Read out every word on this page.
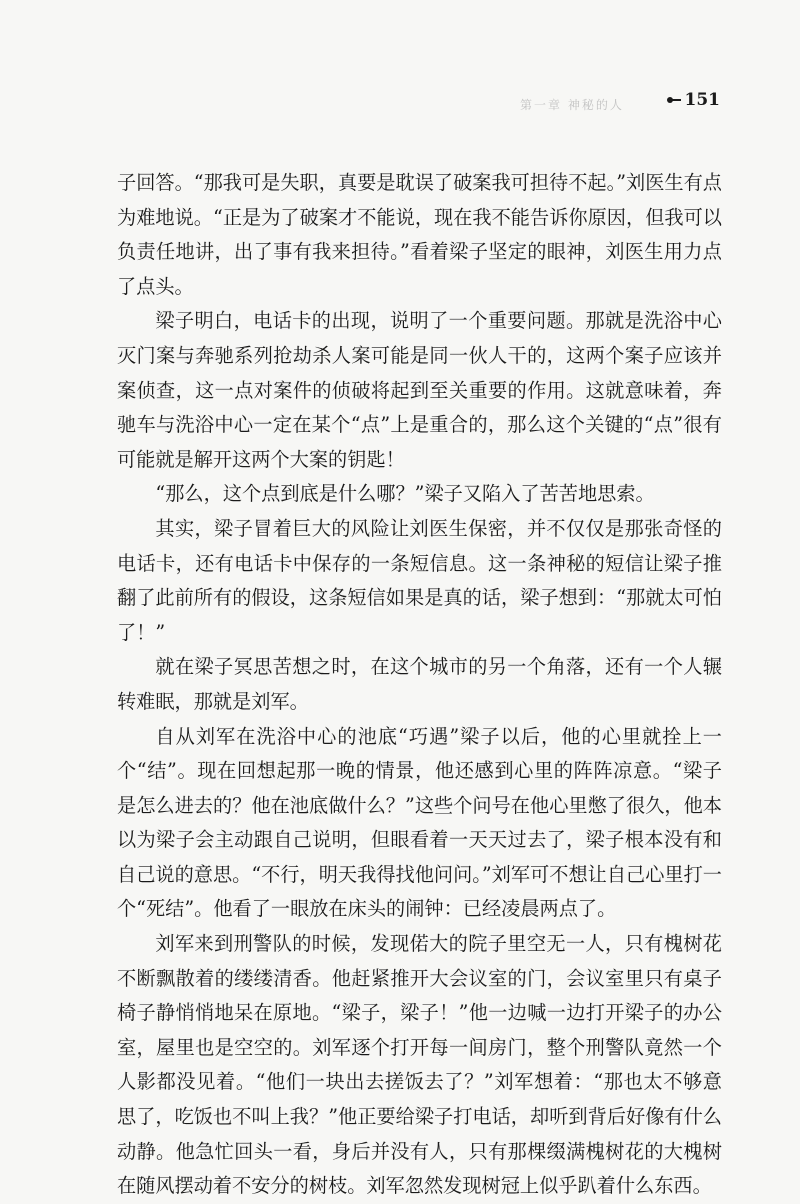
第一章 神秘的人	151

子回答。“那我可是失职，真要是耽误了破案我可担待不起。”刘医生有点为难地说。“正是为了破案才不能说，现在我不能告诉你原因，但我可以负责任地讲，出了事有我来担待。”看着梁子坚定的眼神，刘医生用力点了点头。

梁子明白，电话卡的出现，说明了一个重要问题。那就是洗浴中心灭门案与奔驰系列抢劫杀人案可能是同一伙人干的，这两个案子应该并案侦查，这一点对案件的侦破将起到至关重要的作用。这就意味着，奔驰车与洗浴中心一定在某个“点”上是重合的，那么这个关键的“点”很有可能就是解开这两个大案的钥匙！

“那么，这个点到底是什么哪？”梁子又陷入了苦苦地思索。

其实，梁子冒着巨大的风险让刘医生保密，并不仅仅是那张奇怪的电话卡，还有电话卡中保存的一条短信息。这一条神秘的短信让梁子推翻了此前所有的假设，这条短信如果是真的话，梁子想到：“那就太可怕了！”

就在梁子冥思苦想之时，在这个城市的另一个角落，还有一个人辗转难眠，那就是刘军。

自从刘军在洗浴中心的池底“巧遇”梁子以后，他的心里就拴上一个“结”。现在回想起那一晚的情景，他还感到心里的阵阵凉意。“梁子是怎么进去的？他在池底做什么？”这些个问号在他心里憋了很久，他本以为梁子会主动跟自己说明，但眼看着一天天过去了，梁子根本没有和自己说的意思。“不行，明天我得找他问问。”刘军可不想让自己心里打一个“死结”。他看了一眼放在床头的闹钟：已经凌晨两点了。

刘军来到刑警队的时候，发现偌大的院子里空无一人，只有槐树花不断飘散着的缕缕清香。他赶紧推开大会议室的门，会议室里只有桌子椅子静悄悄地呆在原地。“梁子，梁子！”他一边喊一边打开梁子的办公室，屋里也是空空的。刘军逐个打开每一间房门，整个刑警队竟然一个人影都没见着。“他们一块出去搓饭去了？”刘军想着：“那也太不够意思了，吃饭也不叫上我？”他正要给梁子打电话，却听到背后好像有什么动静。他急忙回头一看，身后并没有人，只有那棵缀满槐树花的大槐树在随风摆动着不安分的树枝。刘军忽然发现树冠上似乎趴着什么东西。
